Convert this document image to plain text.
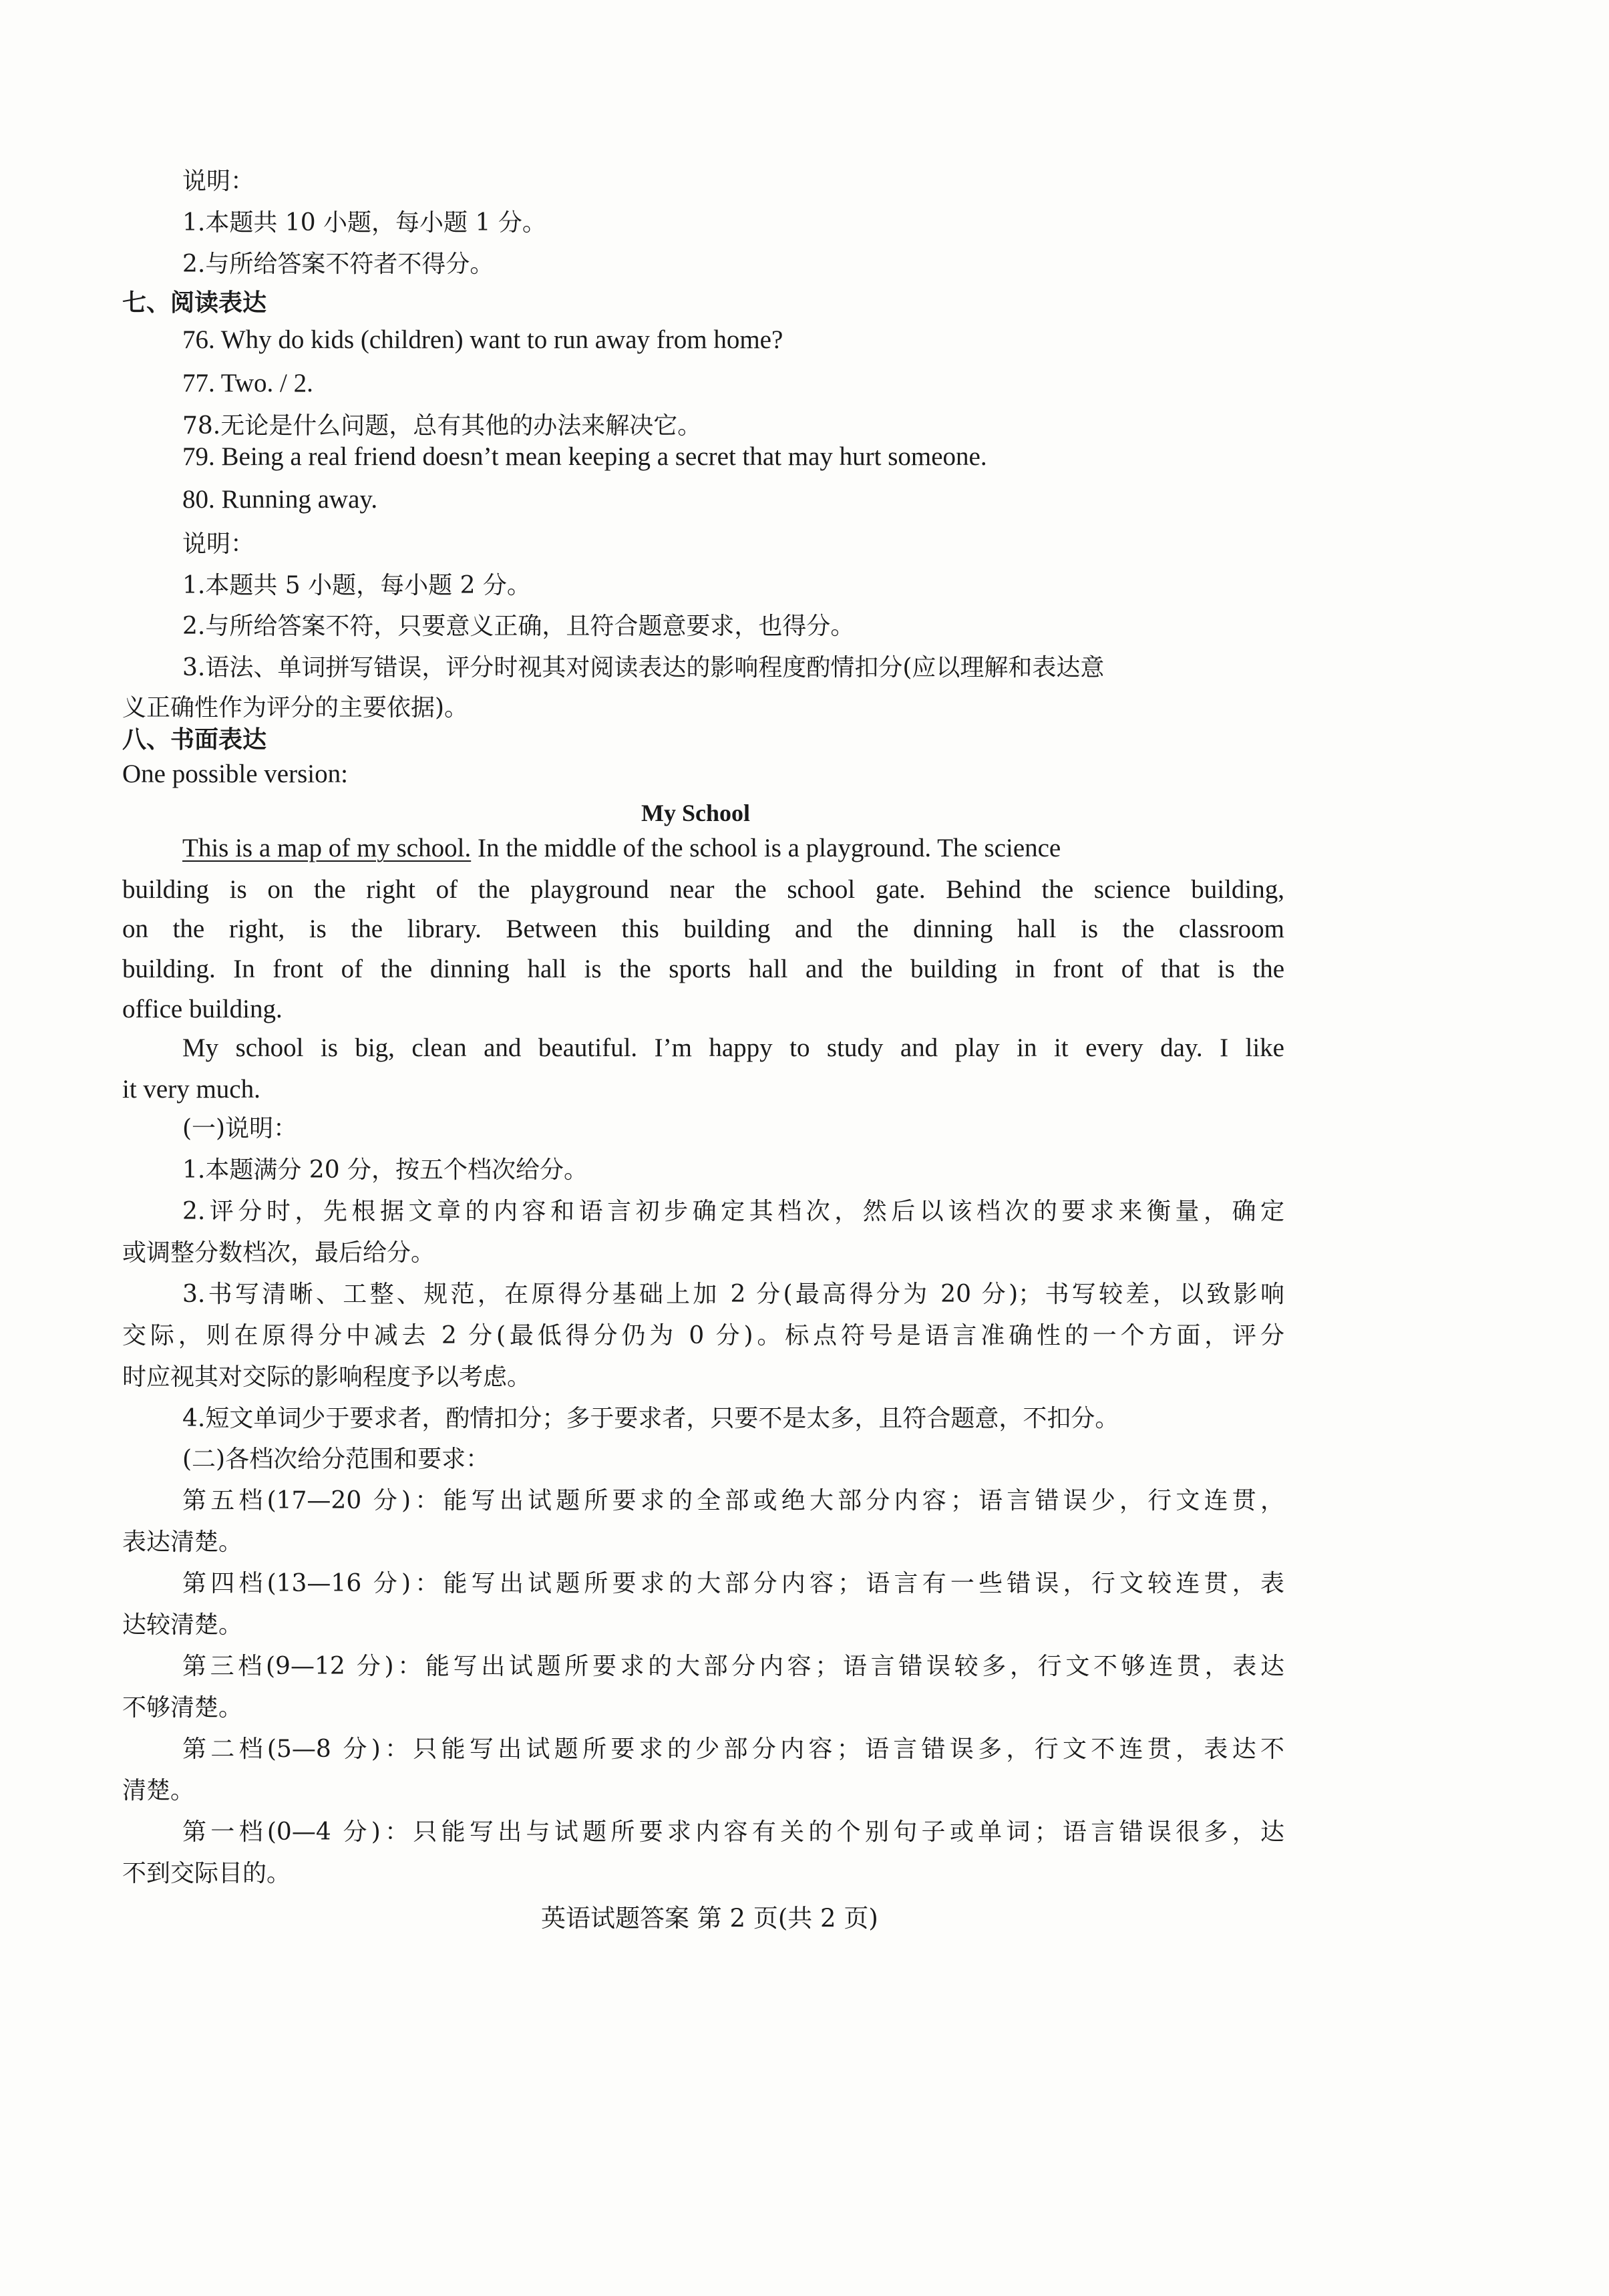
说明：
1.本题共 10 小题，每小题 1 分。
2.与所给答案不符者不得分。
七、阅读表达
76. Why do kids (children) want to run away from home?
77. Two. / 2.
78.无论是什么问题，总有其他的办法来解决它。
79. Being a real friend doesn’t mean keeping a secret that may hurt someone.
80. Running away.
说明：
1.本题共 5 小题，每小题 2 分。
2.与所给答案不符，只要意义正确，且符合题意要求，也得分。
3.语法、单词拼写错误，评分时视其对阅读表达的影响程度酌情扣分(应以理解和表达意
义正确性作为评分的主要依据)。
八、书面表达
One possible version:
My School
This is a map of my school. In the middle of the school is a playground. The science
building is on the right of the playground near the school gate. Behind the science building,
on the right, is the library. Between this building and the dinning hall is the classroom
building. In front of the dinning hall is the sports hall and the building in front of that is the
office building.
My school is big, clean and beautiful. I’m happy to study and play in it every day. I like
it very much.
(一)说明：
1.本题满分 20 分，按五个档次给分。
2.评分时，先根据文章的内容和语言初步确定其档次，然后以该档次的要求来衡量，确定
或调整分数档次，最后给分。
3.书写清晰、工整、规范，在原得分基础上加 2 分(最高得分为 20 分)；书写较差，以致影响
交际，则在原得分中减去 2 分(最低得分仍为 0 分)。标点符号是语言准确性的一个方面，评分
时应视其对交际的影响程度予以考虑。
4.短文单词少于要求者，酌情扣分；多于要求者，只要不是太多，且符合题意，不扣分。
(二)各档次给分范围和要求：
第五档(17—20 分)：能写出试题所要求的全部或绝大部分内容；语言错误少，行文连贯，
表达清楚。
第四档(13—16 分)：能写出试题所要求的大部分内容；语言有一些错误，行文较连贯，表
达较清楚。
第三档(9—12 分)：能写出试题所要求的大部分内容；语言错误较多，行文不够连贯，表达
不够清楚。
第二档(5—8 分)：只能写出试题所要求的少部分内容；语言错误多，行文不连贯，表达不
清楚。
第一档(0—4 分)：只能写出与试题所要求内容有关的个别句子或单词；语言错误很多，达
不到交际目的。
英语试题答案 第 2 页(共 2 页)
